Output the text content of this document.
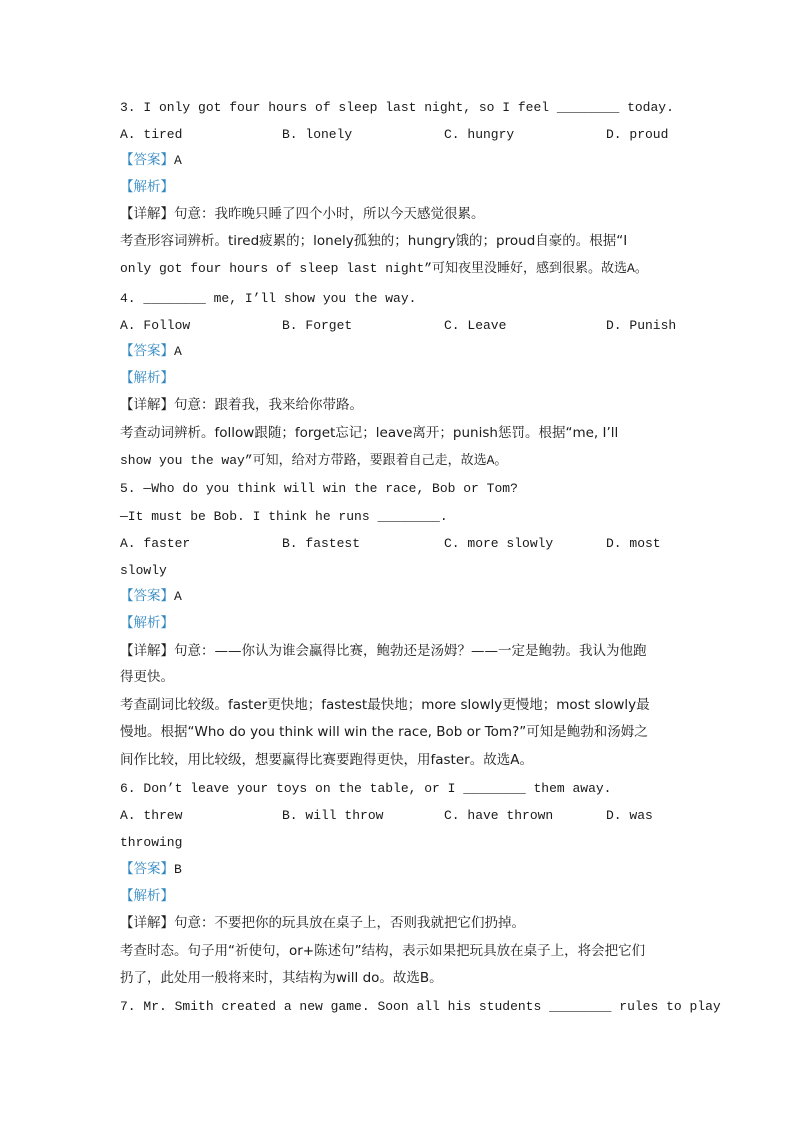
3. I only got four hours of sleep last night, so I feel ________ today.
A. tired	B. lonely	C. hungry	D. proud
【答案】A
【解析】
【详解】句意：我昨晚只睡了四个小时，所以今天感觉很累。
考查形容词辨析。tired疲累的；lonely孤独的；hungry饿的；proud自豪的。根据“I
only got four hours of sleep last night”可知夜里没睡好，感到很累。故选A。
4. ________ me, I’ll show you the way.
A. Follow	B. Forget	C. Leave	D. Punish
【答案】A
【解析】
【详解】句意：跟着我，我来给你带路。
考查动词辨析。follow跟随；forget忘记；leave离开；punish惩罚。根据“me, I’ll
show you the way”可知，给对方带路，要跟着自己走，故选A。
5. —Who do you think will win the race, Bob or Tom?
—It must be Bob. I think he runs ________.
A. faster	B. fastest	C. more slowly	D. most
slowly
【答案】A
【解析】
【详解】句意：——你认为谁会赢得比赛，鲍勃还是汤姆？——一定是鲍勃。我认为他跑
得更快。
考查副词比较级。faster更快地；fastest最快地；more slowly更慢地；most slowly最
慢地。根据“Who do you think will win the race, Bob or Tom?”可知是鲍勃和汤姆之
间作比较，用比较级，想要赢得比赛要跑得更快，用faster。故选A。
6. Don’t leave your toys on the table, or I ________ them away.
A. threw	B. will throw	C. have thrown	D. was
throwing
【答案】B
【解析】
【详解】句意：不要把你的玩具放在桌子上，否则我就把它们扔掉。
考查时态。句子用“祈使句，or+陈述句”结构，表示如果把玩具放在桌子上，将会把它们
扔了，此处用一般将来时，其结构为will do。故选B。
7. Mr. Smith created a new game. Soon all his students ________ rules to play
